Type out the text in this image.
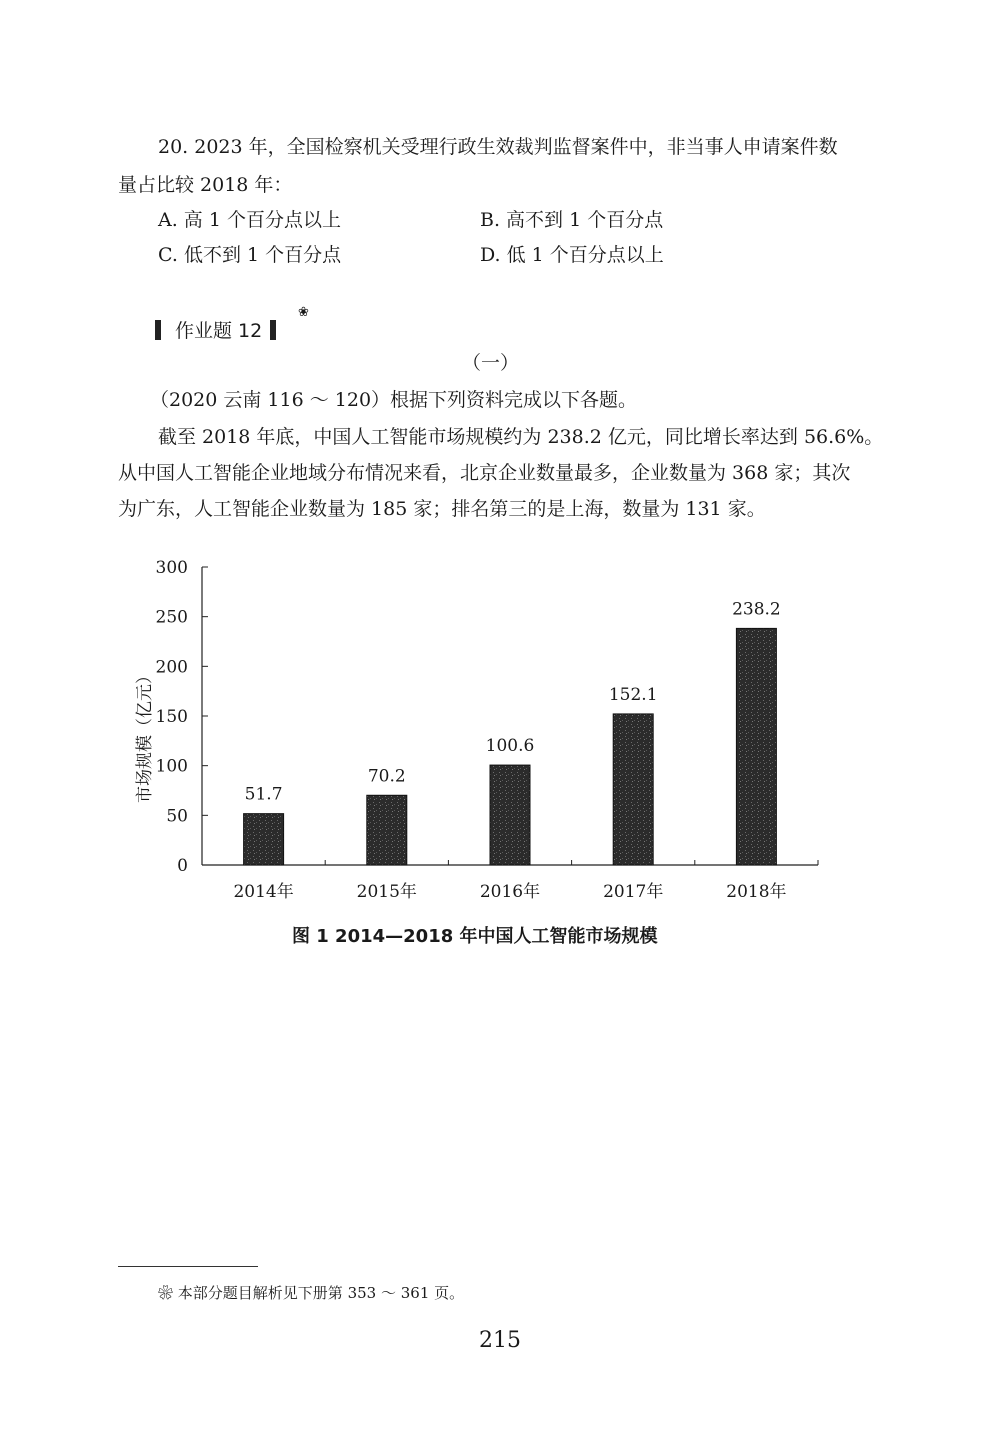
20. 2023 年，全国检察机关受理行政生效裁判监督案件中，非当事人申请案件数
量占比较 2018 年：
A. 高 1 个百分点以上	B. 高不到 1 个百分点
C. 低不到 1 个百分点	D. 低 1 个百分点以上
作业题 12
❀
（一）
（2020 云南 116 ～ 120）根据下列资料完成以下各题。
截至 2018 年底，中国人工智能市场规模约为 238.2 亿元，同比增长率达到 56.6%。
从中国人工智能企业地域分布情况来看，北京企业数量最多，企业数量为 368 家；其次
为广东，人工智能企业数量为 185 家；排名第三的是上海，数量为 131 家。
0
50
100
150
200
250
300
51.7
70.2
100.6
152.1
238.2
2014年	2015年	2016年	2017年	2018年
市场规模（亿元）
图 1 2014—2018 年中国人工智能市场规模
❀ 本部分题目解析见下册第 353 ～ 361 页。
215
